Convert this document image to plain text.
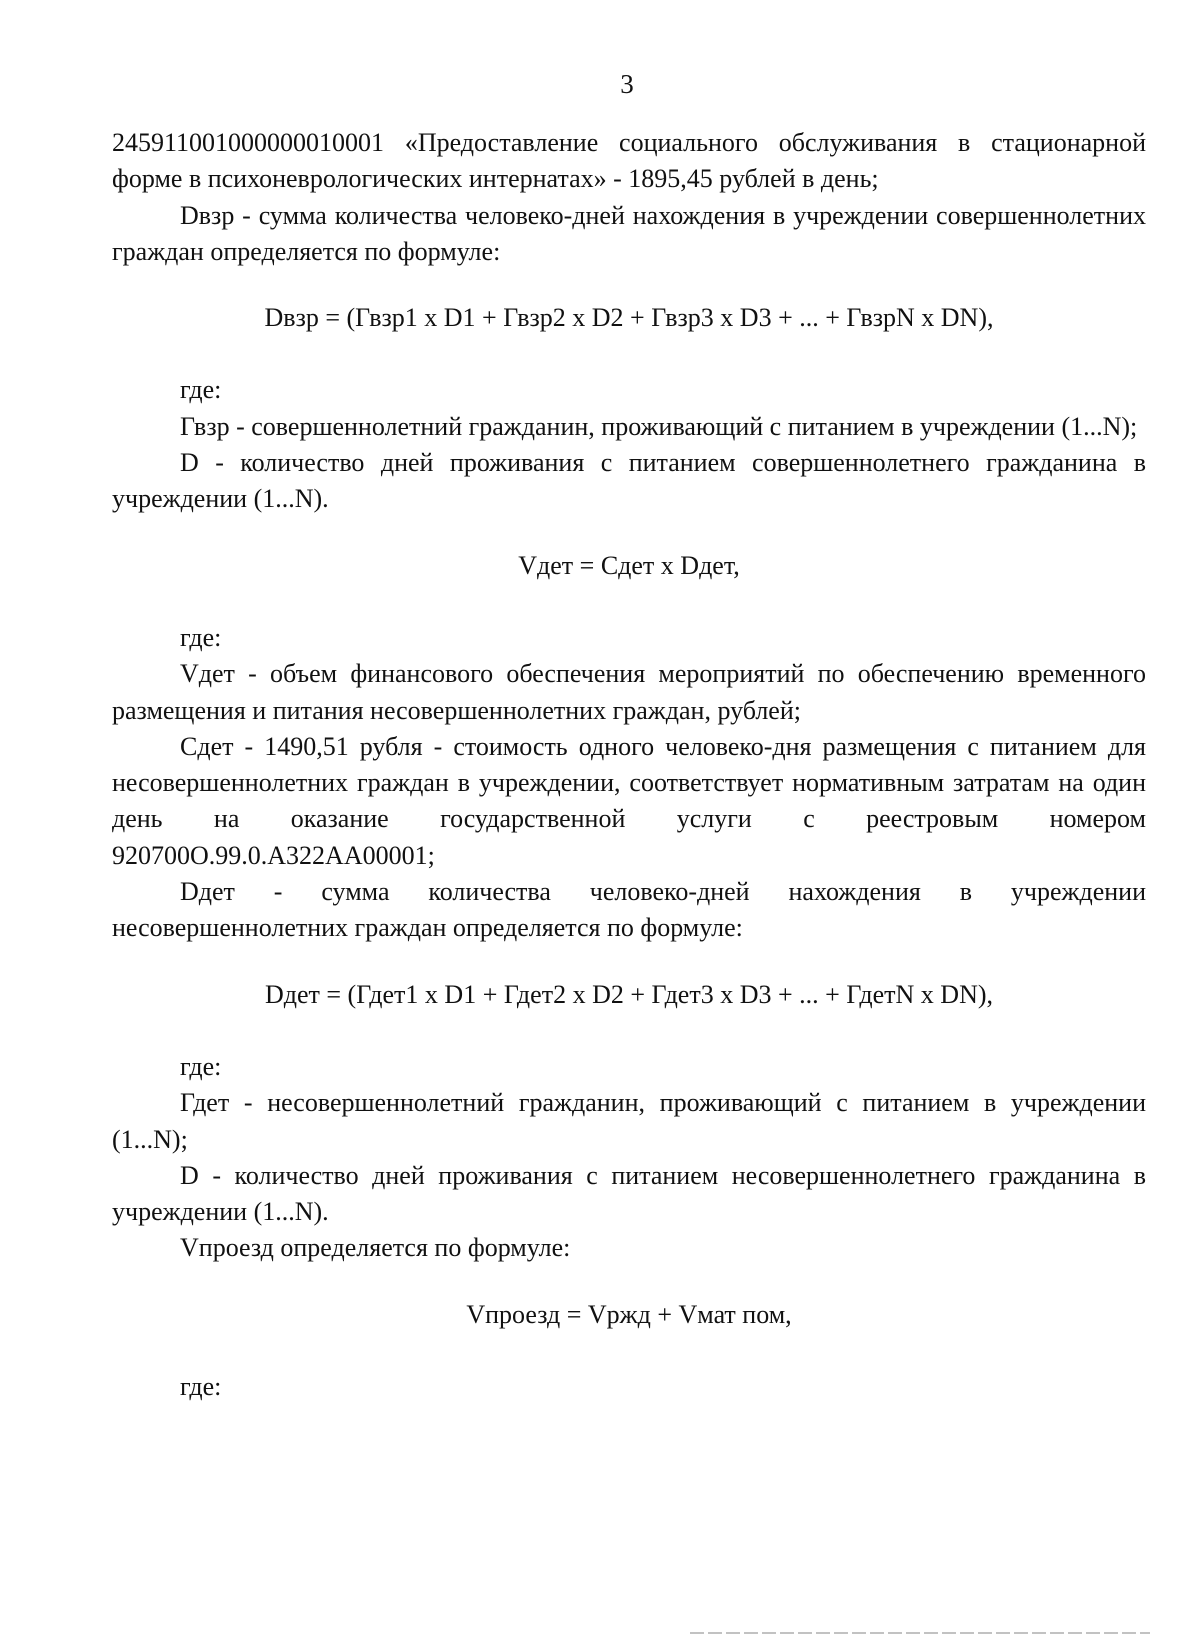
3

245911001000000010001 «Предоставление социального обслуживания в стационарной форме в психоневрологических интернатах» - 1895,45 рублей в день;

Dвзр - сумма количества человеко-дней нахождения в учреждении совершеннолетних граждан определяется по формуле:

Dвзр = (Гвзр1 х D1 + Гвзр2 х D2 + Гвзр3 х D3 + ... + ГвзрN х DN),

где:

Гвзр - совершеннолетний гражданин, проживающий с питанием в учреждении (1...N);

D - количество дней проживания с питанием совершеннолетнего гражданина в учреждении (1...N).

Vдет = Сдет х Dдет,

где:

Vдет - объем финансового обеспечения мероприятий по обеспечению временного размещения и питания несовершеннолетних граждан, рублей;

Сдет - 1490,51 рубля - стоимость одного человеко-дня размещения с питанием для несовершеннолетних граждан в учреждении, соответствует нормативным затратам на один день на оказание государственной услуги с реестровым номером 920700О.99.0.А322АА00001;

Dдет - сумма количества человеко-дней нахождения в учреждении несовершеннолетних граждан определяется по формуле:

Dдет = (Гдет1 х D1 + Гдет2 х D2 + Гдет3 х D3 + ... + ГдетN х DN),

где:

Гдет - несовершеннолетний гражданин, проживающий с питанием в учреждении (1...N);

D - количество дней проживания с питанием несовершеннолетнего гражданина в учреждении (1...N).

Vпроезд определяется по формуле:

Vпроезд = Vржд + Vмат пом,

где:
